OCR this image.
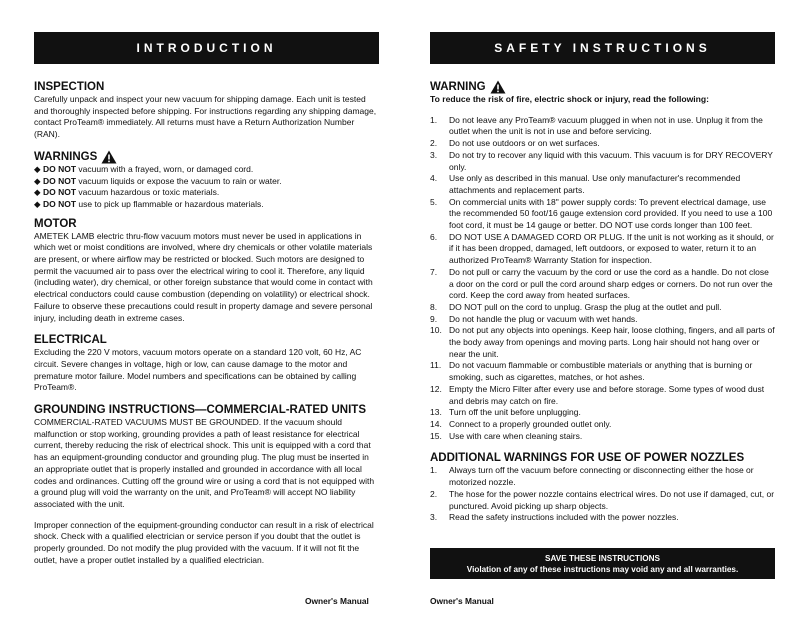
INTRODUCTION	SAFETY INSTRUCTIONS
INSPECTION

Carefully unpack and inspect your new vacuum for shipping damage. Each unit is tested and thoroughly inspected before shipping. For instructions regarding any shipping damage, contact ProTeam® immediately. All returns must have a Return Authorization Number (RAN).

WARNINGS
◆ DO NOT vacuum with a frayed, worn, or damaged cord.
◆ DO NOT vacuum liquids or expose the vacuum to rain or water.
◆ DO NOT vacuum hazardous or toxic materials.
◆ DO NOT use to pick up flammable or hazardous materials.
MOTOR

AMETEK LAMB electric thru-flow vacuum motors must never be used in applications in which wet or moist conditions are involved, where dry chemicals or other volatile materials are present, or where airflow may be restricted or blocked. Such motors are designed to permit the vacuumed air to pass over the electrical wiring to cool it. Therefore, any liquid (including water), dry chemical, or other foreign substance that would come in contact with electrical conductors could cause combustion (depending on volatility) or electrical shock. Failure to observe these precautions could result in property damage and severe personal injury, including death in extreme cases.

ELECTRICAL

Excluding the 220 V motors, vacuum motors operate on a standard 120 volt, 60 Hz, AC circuit. Severe changes in voltage, high or low, can cause damage to the motor and premature motor failure. Model numbers and specifications can be obtained by calling ProTeam®.

GROUNDING INSTRUCTIONS—COMMERCIAL-RATED UNITS

COMMERCIAL-RATED VACUUMS MUST BE GROUNDED. If the vacuum should malfunction or stop working, grounding provides a path of least resistance for electrical current, thereby reducing the risk of electrical shock. This unit is equipped with a cord that has an equipment-grounding conductor and grounding plug. The plug must be inserted in an appropriate outlet that is properly installed and grounded in accordance with all local codes and ordinances. Cutting off the ground wire or using a cord that is not equipped with a ground plug will void the warranty on the unit, and ProTeam® will accept NO liability associated with the unit.

Improper connection of the equipment-grounding conductor can result in a risk of electrical shock. Check with a qualified electrician or service person if you doubt that the outlet is properly grounded. Do not modify the plug provided with the vacuum. If it will not fit the outlet, have a proper outlet installed by a qualified electrician.

WARNING

To reduce the risk of fire, electric shock or injury, read the following:

1.	Do not leave any ProTeam® vacuum plugged in when not in use. Unplug it from the outlet when the unit is not in use and before servicing.
2.	Do not use outdoors or on wet surfaces.
3.	Do not try to recover any liquid with this vacuum. This vacuum is for DRY RECOVERY only.
4.	Use only as described in this manual. Use only manufacturer's recommended attachments and replacement parts.
5.	On commercial units with 18" power supply cords: To prevent electrical damage, use the recommended 50 foot/16 gauge extension cord provided. If you need to use a 100 foot cord, it must be 14 gauge or better. DO NOT use cords longer than 100 feet.
6.	DO NOT USE A DAMAGED CORD OR PLUG. If the unit is not working as it should, or if it has been dropped, damaged, left outdoors, or exposed to water, return it to an authorized ProTeam® Warranty Station for inspection.
7.	Do not pull or carry the vacuum by the cord or use the cord as a handle. Do not close a door on the cord or pull the cord around sharp edges or corners. Do not run over the cord. Keep the cord away from heated surfaces.
8.	DO NOT pull on the cord to unplug. Grasp the plug at the outlet and pull.
9.	Do not handle the plug or vacuum with wet hands.
10. Do not put any objects into openings. Keep hair, loose clothing, fingers, and all parts of the body away from openings and moving parts. Long hair should not hang over or near the unit.
11. Do not vacuum flammable or combustible materials or anything that is burning or smoking, such as cigarettes, matches, or hot ashes.
12. Empty the Micro Filter after every use and before storage. Some types of wood dust and debris may catch on fire.
13. Turn off the unit before unplugging.
14. Connect to a properly grounded outlet only.
15. Use with care when cleaning stairs.
ADDITIONAL WARNINGS FOR USE OF POWER NOZZLES
1.	Always turn off the vacuum before connecting or disconnecting either the hose or motorized nozzle.
2.	The hose for the power nozzle contains electrical wires. Do not use if damaged, cut, or punctured. Avoid picking up sharp objects.
3.	Read the safety instructions included with the power nozzles.
SAVE THESE INSTRUCTIONS
Violation of any of these instructions may void any and all warranties.
Owner's Manual	Owner's Manual
